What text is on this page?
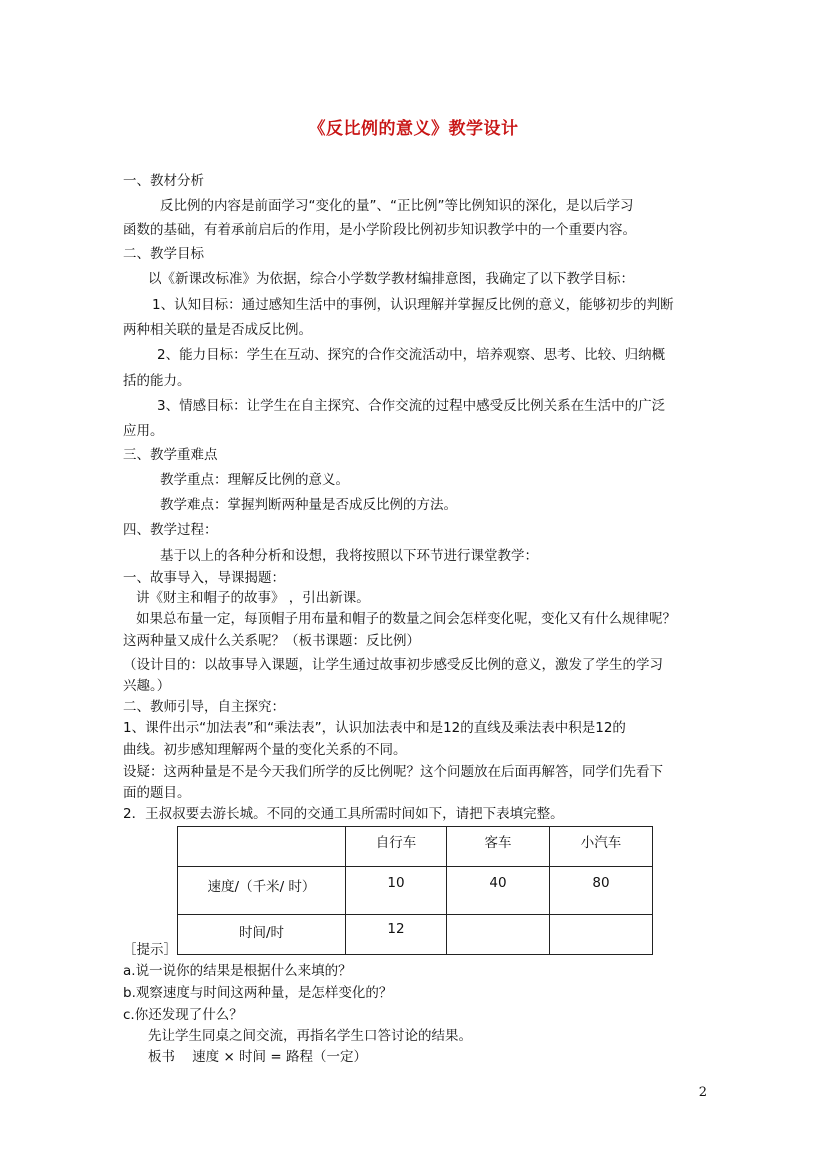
《反比例的意义》教学设计
一、教材分析
反比例的内容是前面学习“变化的量”、“正比例”等比例知识的深化，是以后学习
函数的基础，有着承前启后的作用，是小学阶段比例初步知识教学中的一个重要内容。
二、教学目标
以《新课改标准》为依据，综合小学数学教材编排意图，我确定了以下教学目标：
1、认知目标：通过感知生活中的事例，认识理解并掌握反比例的意义，能够初步的判断
两种相关联的量是否成反比例。
2、能力目标：学生在互动、探究的合作交流活动中，培养观察、思考、比较、归纳概
括的能力。
3、情感目标：让学生在自主探究、合作交流的过程中感受反比例关系在生活中的广泛
应用。
三、教学重难点
教学重点：理解反比例的意义。
教学难点：掌握判断两种量是否成反比例的方法。
四、教学过程：
基于以上的各种分析和设想，我将按照以下环节进行课堂教学：
一、故事导入，导课揭题：
讲《财主和帽子的故事》 ，引出新课。
如果总布量一定，每顶帽子用布量和帽子的数量之间会怎样变化呢，变化又有什么规律呢？
这两种量又成什么关系呢？（板书课题：反比例）
（设计目的：以故事导入课题，让学生通过故事初步感受反比例的意义，激发了学生的学习
兴趣。）
二、教师引导，自主探究：
1、课件出示“加法表”和“乘法表”，认识加法表中和是12的直线及乘法表中积是12的
曲线。初步感知理解两个量的变化关系的不同。
设疑：这两种量是不是今天我们所学的反比例呢？这个问题放在后面再解答，同学们先看下
面的题目。
2．王叔叔要去游长城。不同的交通工具所需时间如下，请把下表填完整。
	自行车	客车	小汽车
速度/（千米/ 时）	10	40	80
时间/时	12		
［提示］
a.说一说你的结果是根据什么来填的？
b.观察速度与时间这两种量，是怎样变化的？
c.你还发现了什么？
先让学生同桌之间交流，再指名学生口答讨论的结果。
板书    速度 × 时间 = 路程（一定）
2
